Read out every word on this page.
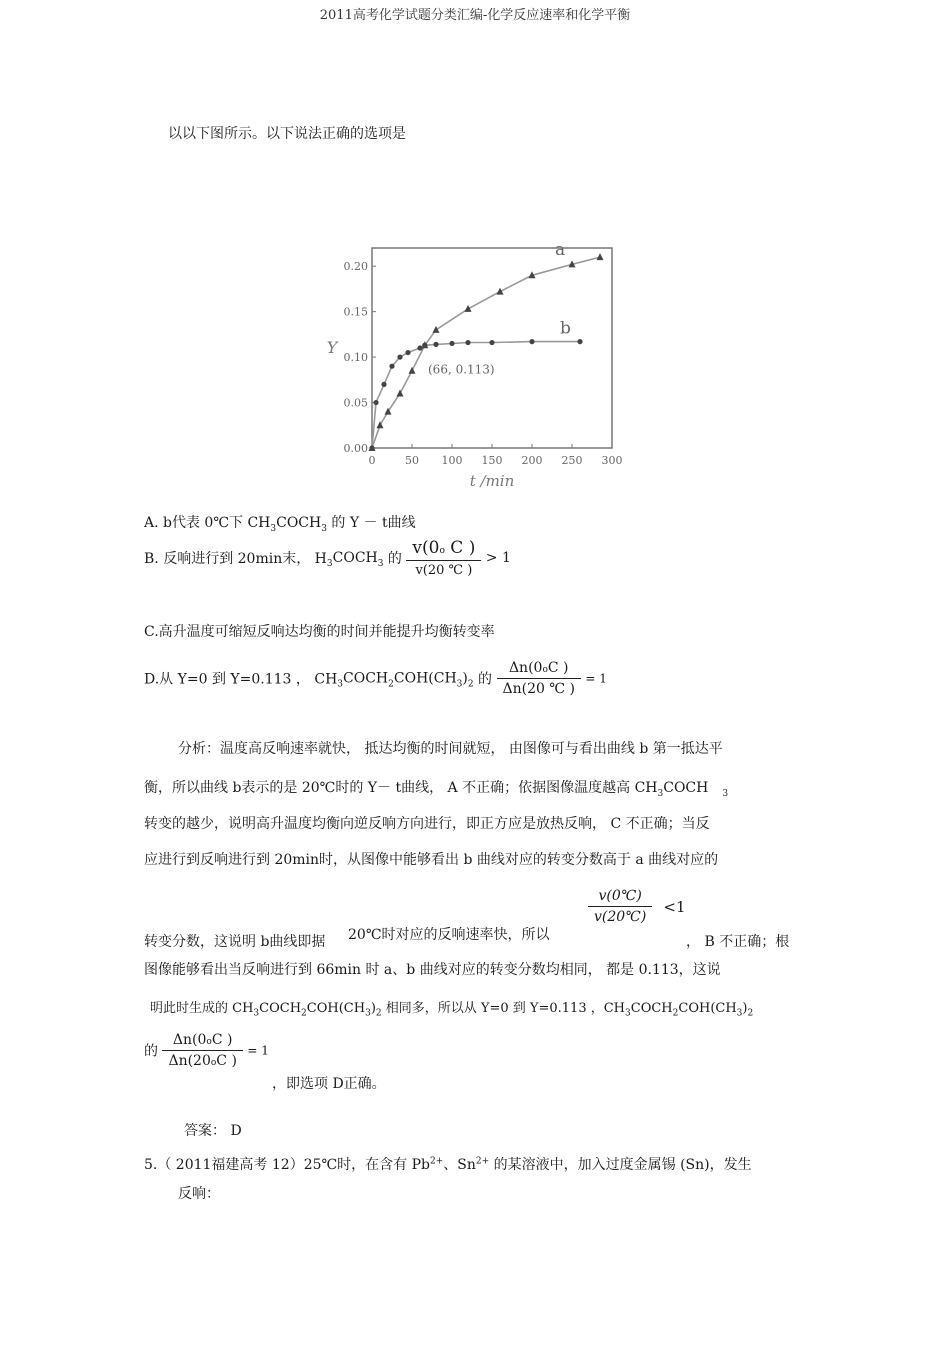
2011高考化学试题分类汇编-化学反应速率和化学平衡
以以下图所示。以下说法正确的选项是
0	50 100 150 200 250 300
0.00
0.05
0.10
0.15
0.20
t /min
Y
a
b
(66, 0.113)
A. b代表 0℃下 $CH_3COCH_3$ 的 Y － t曲线
B. 反响进行到 20min末， $H_3COCH_3$ 的 $\frac{\text{v(0o C )}}{v(20 ℃ )} > 1$
C.高升温度可缩短反响达均衡的时间并能提升均衡转变率
D.从 Y=0 到 Y=0.113 ， $CH_3COCH_2COH(CH_3)_2$ 的 $\frac{\Delta n(0oC )}{\Delta n(20 ℃ )} = 1$
分析：温度高反响速率就快， 抵达均衡的时间就短， 由图像可与看出曲线 b 第一抵达平
衡，所以曲线 b表示的是 20℃时的 Y－ t曲线， A 不正确；依据图像温度越高 $CH_3COCH$ $_3$
转变的越少，说明高升温度均衡向逆反响方向进行，即正方应是放热反响， C 不正确；当反
应进行到反响进行到 20min时，从图像中能够看出 b 曲线对应的转变分数高于 a 曲线对应的
转变分数，这说明 b曲线即据 20℃时对应的反响速率快，所以
$\frac{v(0℃)}{v(20℃)} <1$
， B 不正确；根
图像能够看出当反响进行到 66min 时 a、b 曲线对应的转变分数均相同， 都是 0.113，这说
明此时生成的 $CH_3COCH_2COH(CH_3)_2$ 相同多，所以从 Y=0 到 Y=0.113 ，$CH_3COCH_2COH(CH_3)_2$
的 $\frac{\Delta n(0oC )}{\Delta n(20oC )} = 1$
，即选项 D正确。
答案： D
5.（ 2011福建高考 12）25℃时，在含有 $Pb^{2+}$、$Sn^{2+}$ 的某溶液中，加入过度金属锡 (Sn)，发生
反响：
